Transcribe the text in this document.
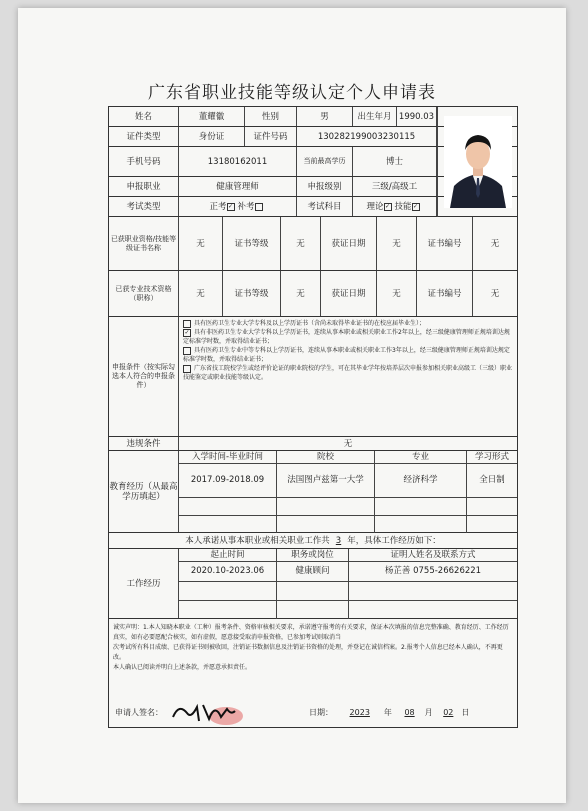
广东省职业技能等级认定个人申请表
姓名	董耀徽	性别	男	出生年月 1990.03
证件类型	身份证	证件号码	130282199003230115
手机号码	13180162011	当前最高学历	博士
申报职业	健康管理师	申报级别	三级/高级工
考试类型	正考 ✓ 补考	考试科目	理论 ✓ 技能 ✓
已获职业资格/技能等级证书名称	无	证书等级	无	获证日期	无	证书编号	无
已获专业技术资格（职称）	无	证书等级	无	获证日期	无	证书编号	无
申报条件（按实际勾选本人符合的申报条件）
具有医药卫生专业大学专科及以上学历证书（含尚未取得毕业证书的在校应届毕业生）；
✓ 具有非医药卫生专业大学专科以上学历证书，连续从事本职业或相关职业工作2年以上，经三级健康管理师正规培训达规定标准学时数，并取得结业证书；
具有医药卫生专业中等专科以上学历证书，连续从事本职业或相关职业工作3年以上，经三级健康管理师正规培训达规定标准学时数，并取得结业证书；
广东省技工院校学生或经评价论证的职业院校的学生，可在其毕业学年按培养层次申报参加相关职业高级工（三级）职业技能鉴定或职业技能等级认定。
违规条件	无
教育经历（从最高学历填起）
入学时间-毕业时间	院校	专业	学习形式
2017.09-2018.09	法国图卢兹第一大学	经济科学	全日制
本人承诺从事本职业或相关职业工作共 3 年，具体工作经历如下：
工作经历
起止时间	职务或岗位	证明人姓名及联系方式
2020.10-2023.06	健康顾问	杨芷善 0755-26626221
诚实声明：1.本人知晓本职业（工种）报考条件、资格审核相关要求，承诺遵守报考的有关要求，保证本次填报的信息完整准确、教育经历、工作经历真实，如有必要愿配合核实，如有虚假，愿意接受取消申报资格，已参加考试则取消当
次考试所有科目成绩、已获得证书则被收回，注销证书数据信息及注销证书资格的处理，并登记在诚信档案。2.报考个人信息已经本人确认，不再更改。
本人确认已阅读并明白上述条款，并愿意承担责任。
申请人签名：	日期： 2023 年 08 月 02 日
